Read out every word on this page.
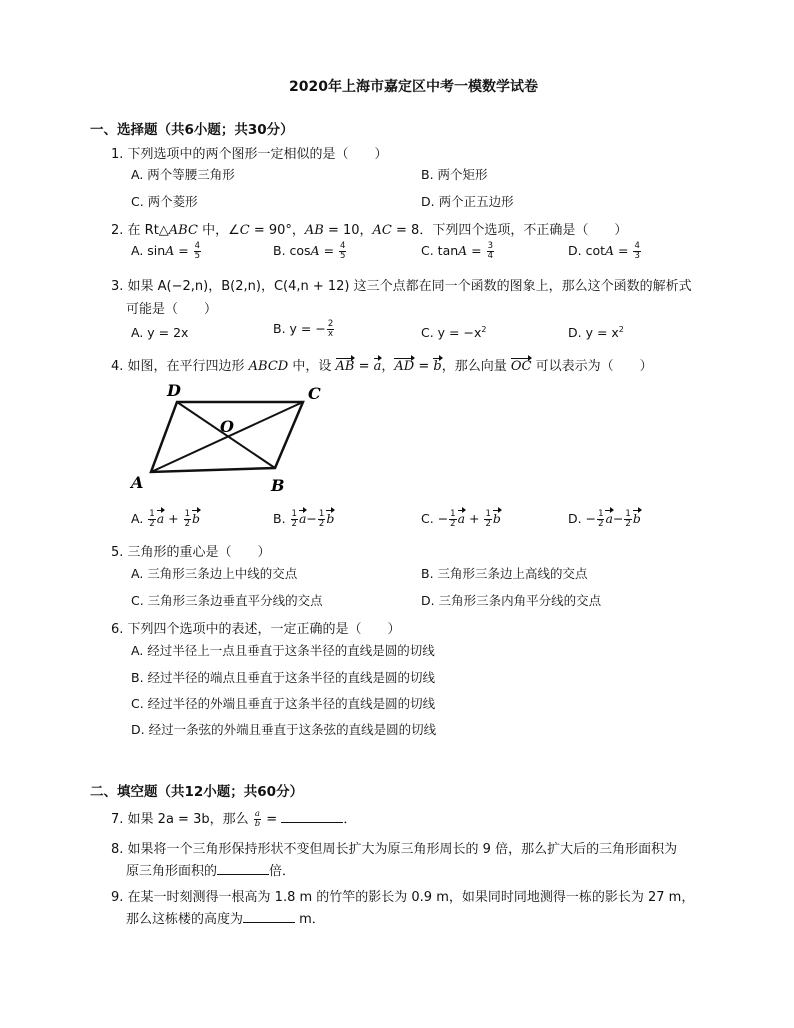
2020年上海市嘉定区中考一模数学试卷
一、选择题（共6小题；共30分）
1. 下列选项中的两个图形一定相似的是（　　）
A. 两个等腰三角形	B. 两个矩形
C. 两个菱形	D. 两个正五边形
2. 在 Rt△ABC 中，∠C = 90°，AB = 10，AC = 8．下列四个选项，不正确是（　　）
A. $\sin A = \frac{4}{5}$	B. $\cos A = \frac{4}{5}$	C. $\tan A = \frac{3}{4}$	D. $\cot A = \frac{4}{3}$
3. 如果 A(−2,n)，B(2,n)，C(4,n + 12) 这三个点都在同一个函数的图象上，那么这个函数的解析式
可能是（　　）
A. y = 2x	B. y = − $\frac{2}{x}$	C. $y = -x^2$	D. $y = x^2$
4. 如图，在平行四边形 ABCD 中，设 AB = a，AD = b，那么向量 OC 可以表示为（　　）
D	C
O
A	B
A. $\frac{1}{2}$ $a + \frac{1}{2}$ b	B. $\frac{1}{2} a- \frac{1}{2}$ b	C. − $\frac{1}{2}$ $a + \frac{1}{2}$ b	D. − $\frac{1}{2} a- \frac{1}{2}$ b
5. 三角形的重心是（　　）
A. 三角形三条边上中线的交点	B. 三角形三条边上高线的交点
C. 三角形三条边垂直平分线的交点	D. 三角形三条内角平分线的交点
6. 下列四个选项中的表述，一定正确的是（　　）
A. 经过半径上一点且垂直于这条半径的直线是圆的切线
B. 经过半径的端点且垂直于这条半径的直线是圆的切线
C. 经过半径的外端且垂直于这条半径的直线是圆的切线
D. 经过一条弦的外端且垂直于这条弦的直线是圆的切线
二、填空题（共12小题；共60分）
7. 如果 2a = 3b，那么 $\frac{a}{b}$ =	．
8. 如果将一个三角形保持形状不变但周长扩大为原三角形周长的 9 倍，那么扩大后的三角形面积为
原三角形面积的	倍．
9. 在某一时刻测得一根高为 1.8 m 的竹竿的影长为 0.9 m，如果同时同地测得一栋的影长为 27 m，
那么这栋楼的高度为	m．
